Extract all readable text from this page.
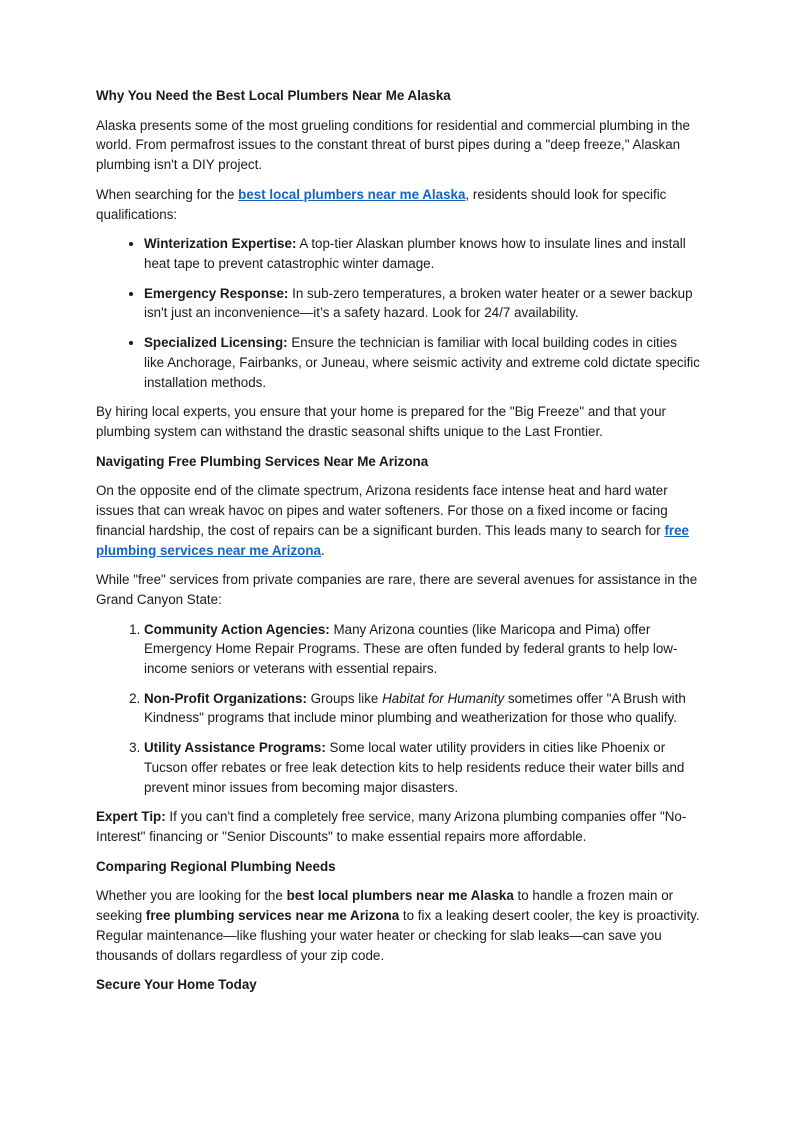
Why You Need the Best Local Plumbers Near Me Alaska

Alaska presents some of the most grueling conditions for residential and commercial plumbing in the world. From permafrost issues to the constant threat of burst pipes during a "deep freeze," Alaskan plumbing isn't a DIY project.

When searching for the best local plumbers near me Alaska, residents should look for specific qualifications:

• Winterization Expertise: A top-tier Alaskan plumber knows how to insulate lines and install heat tape to prevent catastrophic winter damage.
• Emergency Response: In sub-zero temperatures, a broken water heater or a sewer backup isn't just an inconvenience—it’s a safety hazard. Look for 24/7 availability.
• Specialized Licensing: Ensure the technician is familiar with local building codes in cities like Anchorage, Fairbanks, or Juneau, where seismic activity and extreme cold dictate specific installation methods.

By hiring local experts, you ensure that your home is prepared for the "Big Freeze" and that your plumbing system can withstand the drastic seasonal shifts unique to the Last Frontier.

Navigating Free Plumbing Services Near Me Arizona

On the opposite end of the climate spectrum, Arizona residents face intense heat and hard water issues that can wreak havoc on pipes and water softeners. For those on a fixed income or facing financial hardship, the cost of repairs can be a significant burden. This leads many to search for free plumbing services near me Arizona.

While "free" services from private companies are rare, there are several avenues for assistance in the Grand Canyon State:

1. Community Action Agencies: Many Arizona counties (like Maricopa and Pima) offer Emergency Home Repair Programs. These are often funded by federal grants to help low-income seniors or veterans with essential repairs.
2. Non-Profit Organizations: Groups like Habitat for Humanity sometimes offer "A Brush with Kindness" programs that include minor plumbing and weatherization for those who qualify.
3. Utility Assistance Programs: Some local water utility providers in cities like Phoenix or Tucson offer rebates or free leak detection kits to help residents reduce their water bills and prevent minor issues from becoming major disasters.

Expert Tip: If you can't find a completely free service, many Arizona plumbing companies offer "No-Interest" financing or "Senior Discounts" to make essential repairs more affordable.

Comparing Regional Plumbing Needs

Whether you are looking for the best local plumbers near me Alaska to handle a frozen main or seeking free plumbing services near me Arizona to fix a leaking desert cooler, the key is proactivity. Regular maintenance—like flushing your water heater or checking for slab leaks—can save you thousands of dollars regardless of your zip code.

Secure Your Home Today
